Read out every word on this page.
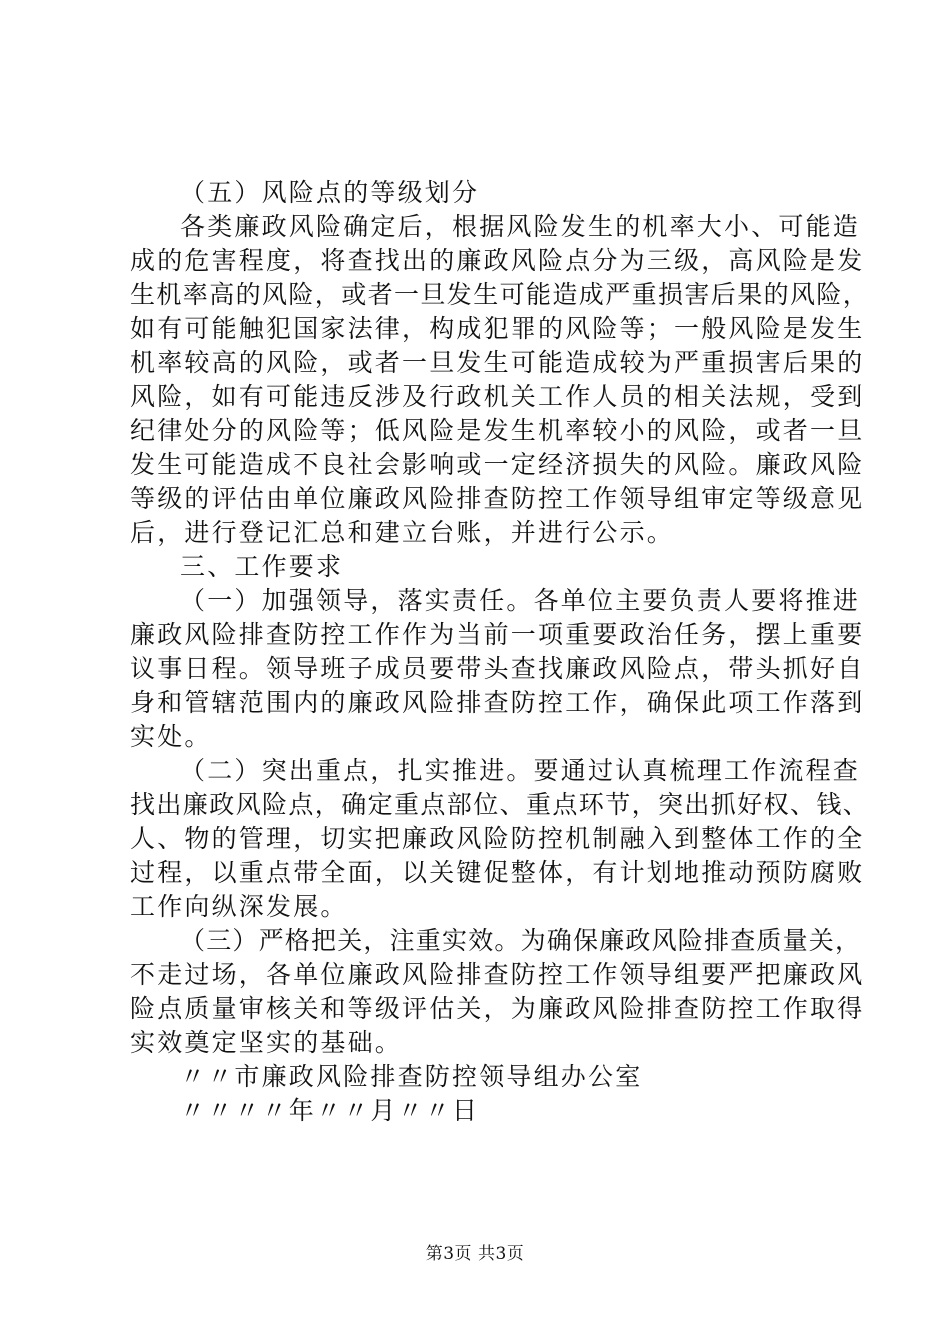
（五）风险点的等级划分
各类廉政风险确定后，根据风险发生的机率大小、可能造
成的危害程度，将查找出的廉政风险点分为三级，高风险是发
生机率高的风险，或者一旦发生可能造成严重损害后果的风险，
如有可能触犯国家法律，构成犯罪的风险等；一般风险是发生
机率较高的风险，或者一旦发生可能造成较为严重损害后果的
风险，如有可能违反涉及行政机关工作人员的相关法规，受到
纪律处分的风险等；低风险是发生机率较小的风险，或者一旦
发生可能造成不良社会影响或一定经济损失的风险。廉政风险
等级的评估由单位廉政风险排查防控工作领导组审定等级意见
后，进行登记汇总和建立台账，并进行公示。
三、工作要求
（一）加强领导，落实责任。各单位主要负责人要将推进
廉政风险排查防控工作作为当前一项重要政治任务，摆上重要
议事日程。领导班子成员要带头查找廉政风险点，带头抓好自
身和管辖范围内的廉政风险排查防控工作，确保此项工作落到
实处。
（二）突出重点，扎实推进。要通过认真梳理工作流程查
找出廉政风险点，确定重点部位、重点环节，突出抓好权、钱、
人、物的管理，切实把廉政风险防控机制融入到整体工作的全
过程，以重点带全面，以关键促整体，有计划地推动预防腐败
工作向纵深发展。
（三）严格把关，注重实效。为确保廉政风险排查质量关，
不走过场，各单位廉政风险排查防控工作领导组要严把廉政风
险点质量审核关和等级评估关，为廉政风险排查防控工作取得
实效奠定坚实的基础。
〃〃市廉政风险排查防控领导组办公室
〃〃〃〃年〃〃月〃〃日
第3页 共3页
